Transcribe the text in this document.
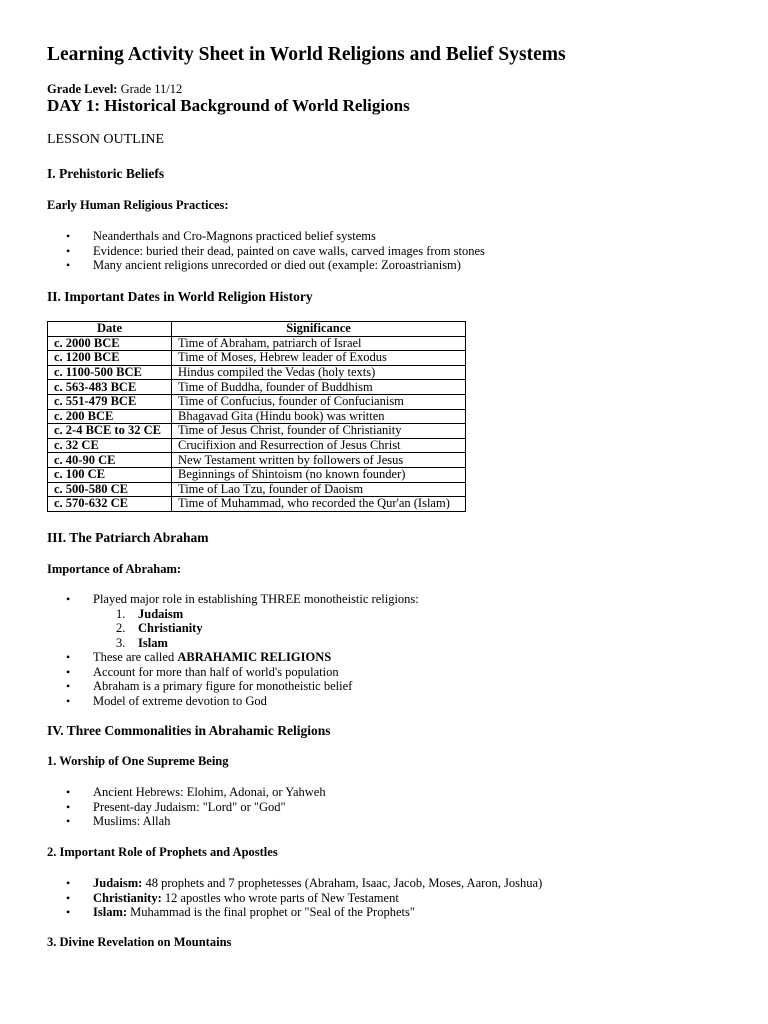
Learning Activity Sheet in World Religions and Belief Systems

Grade Level: Grade 11/12

DAY 1: Historical Background of World Religions

LESSON OUTLINE

I. Prehistoric Beliefs

Early Human Religious Practices:

• Neanderthals and Cro-Magnons practiced belief systems
• Evidence: buried their dead, painted on cave walls, carved images from stones
• Many ancient religions unrecorded or died out (example: Zoroastrianism)

II. Important Dates in World Religion History

Date	Significance
c. 2000 BCE	Time of Abraham, patriarch of Israel
c. 1200 BCE	Time of Moses, Hebrew leader of Exodus
c. 1100-500 BCE	Hindus compiled the Vedas (holy texts)
c. 563-483 BCE	Time of Buddha, founder of Buddhism
c. 551-479 BCE	Time of Confucius, founder of Confucianism
c. 200 BCE	Bhagavad Gita (Hindu book) was written
c. 2-4 BCE to 32 CE	Time of Jesus Christ, founder of Christianity
c. 32 CE	Crucifixion and Resurrection of Jesus Christ
c. 40-90 CE	New Testament written by followers of Jesus
c. 100 CE	Beginnings of Shintoism (no known founder)
c. 500-580 CE	Time of Lao Tzu, founder of Daoism
c. 570-632 CE	Time of Muhammad, who recorded the Qur'an (Islam)

III. The Patriarch Abraham

Importance of Abraham:

• Played major role in establishing THREE monotheistic religions:
1. Judaism
2. Christianity
3. Islam
• These are called ABRAHAMIC RELIGIONS
• Account for more than half of world's population
• Abraham is a primary figure for monotheistic belief
• Model of extreme devotion to God

IV. Three Commonalities in Abrahamic Religions

1. Worship of One Supreme Being

• Ancient Hebrews: Elohim, Adonai, or Yahweh
• Present-day Judaism: "Lord" or "God"
• Muslims: Allah

2. Important Role of Prophets and Apostles

• Judaism: 48 prophets and 7 prophetesses (Abraham, Isaac, Jacob, Moses, Aaron, Joshua)
• Christianity: 12 apostles who wrote parts of New Testament
• Islam: Muhammad is the final prophet or "Seal of the Prophets"

3. Divine Revelation on Mountains
